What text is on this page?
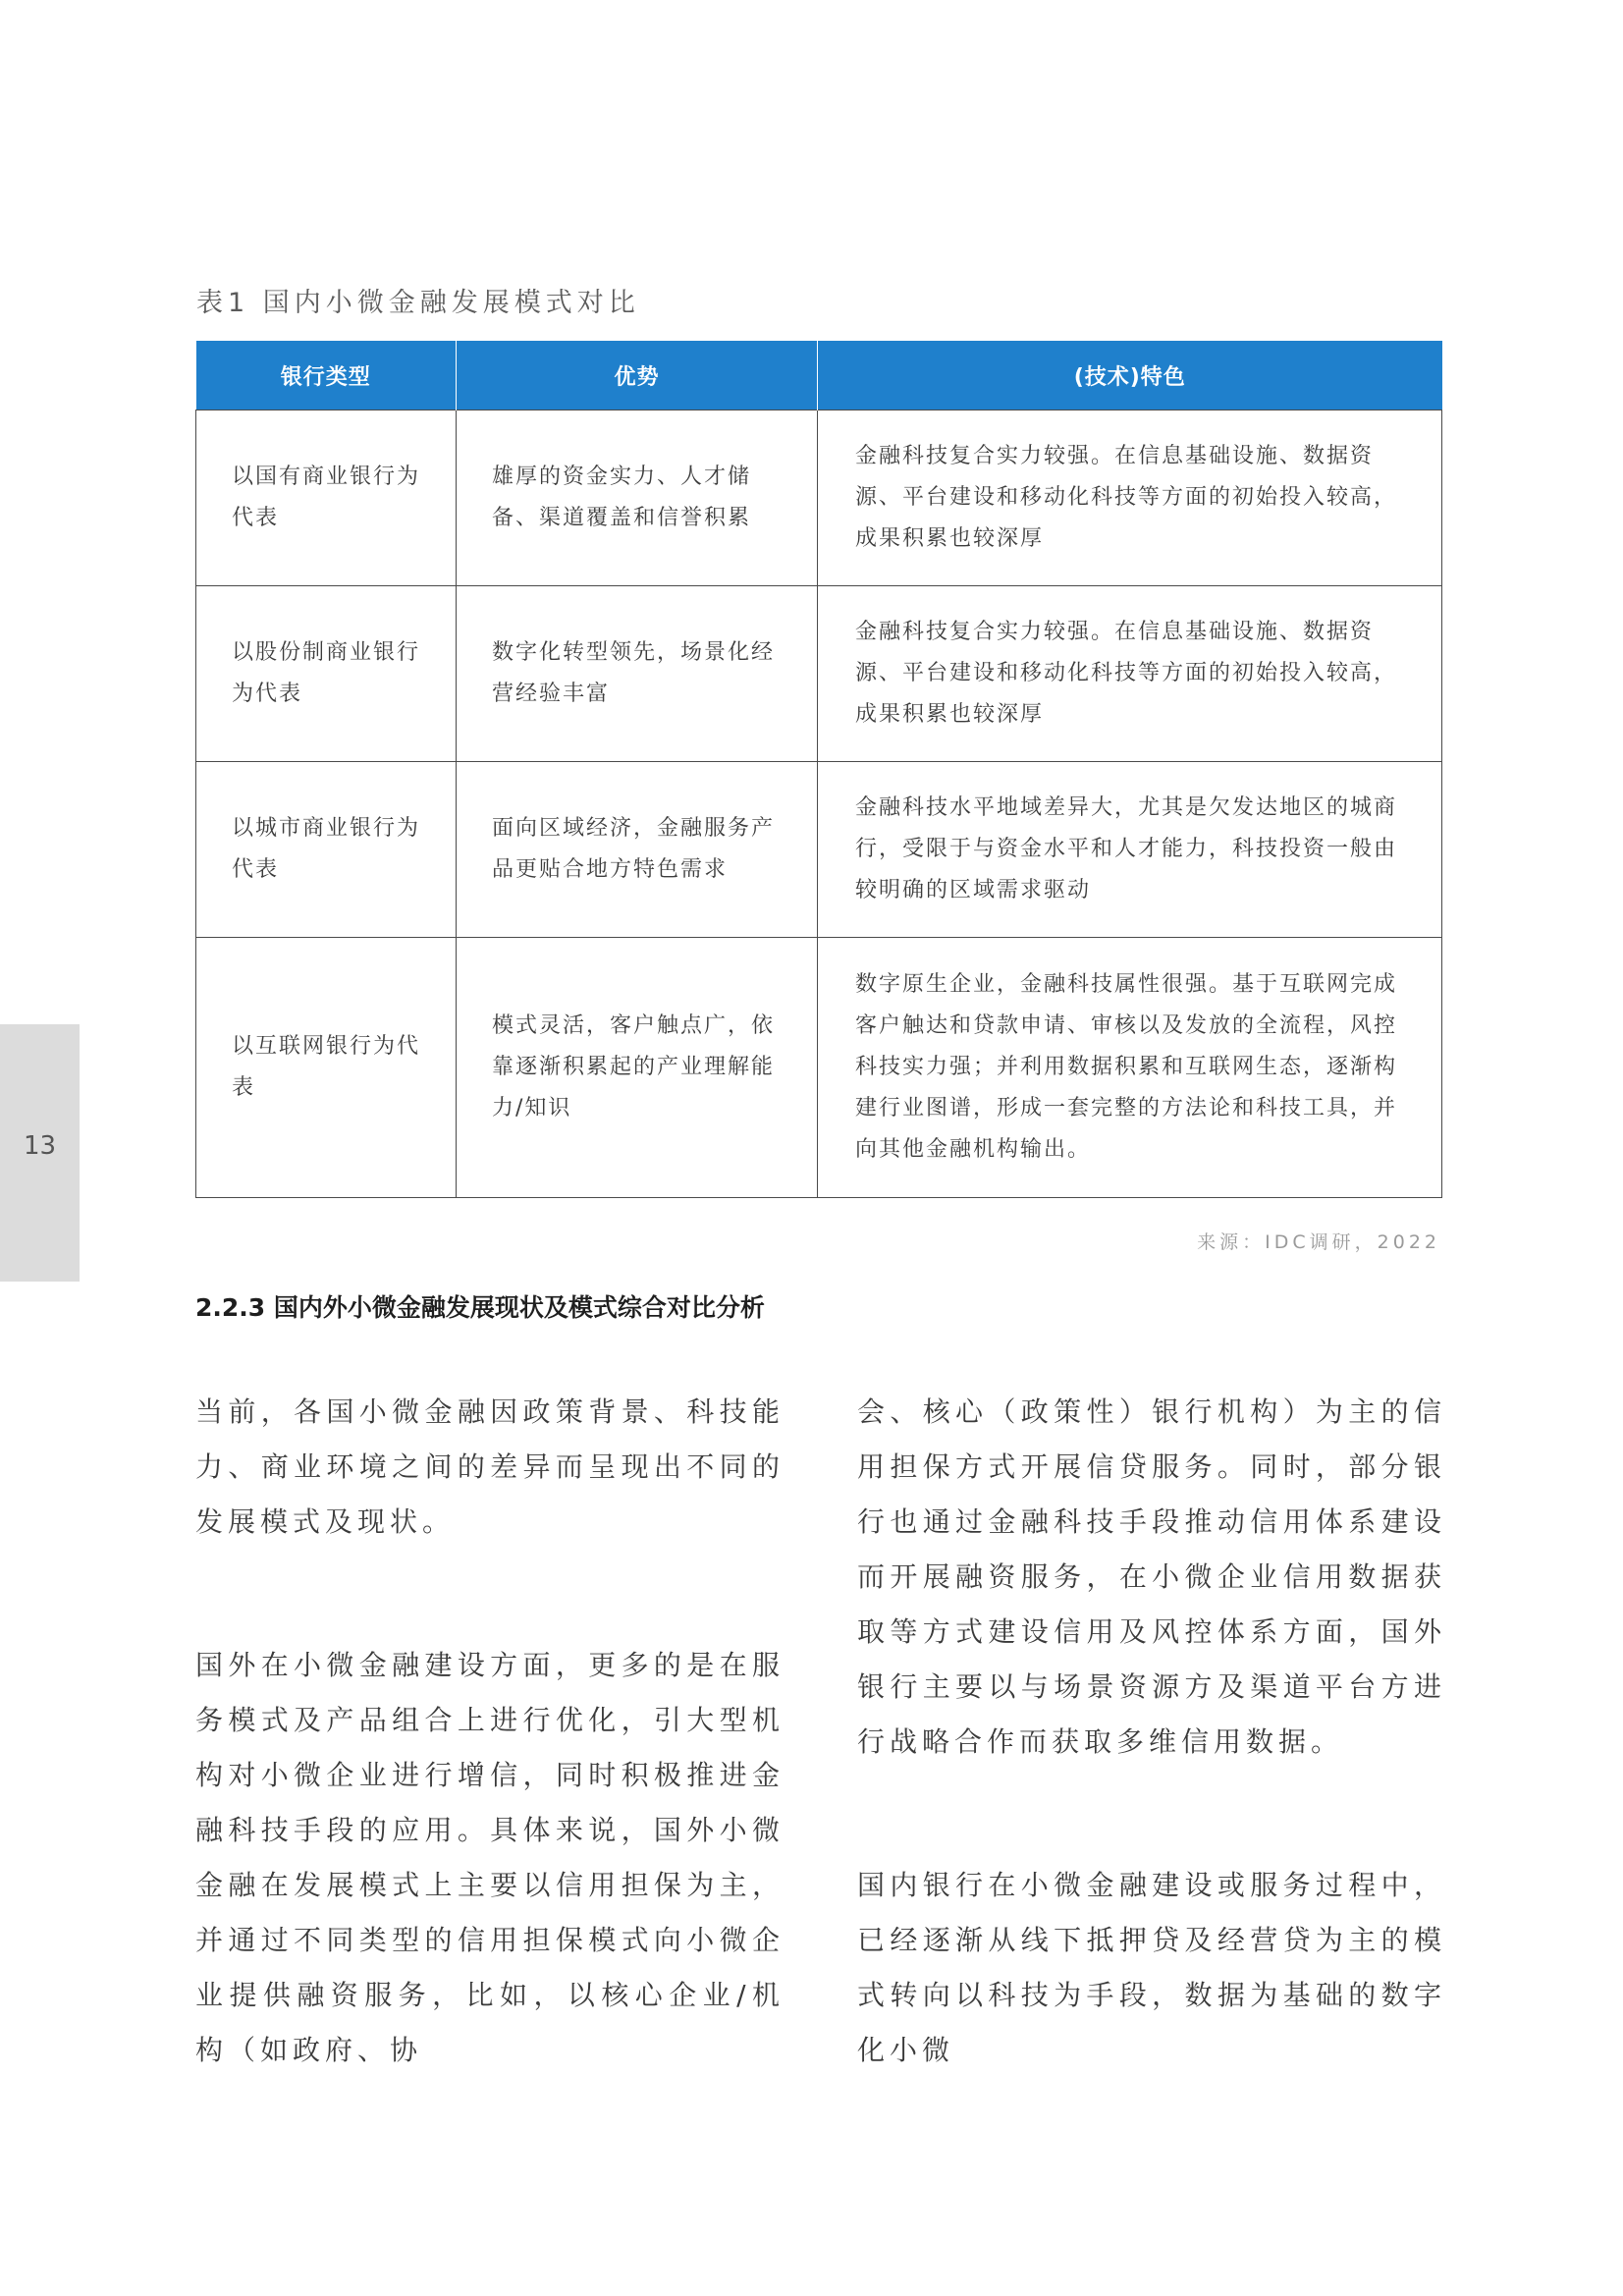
表1 国内小微金融发展模式对比
银行类型	优势	(技术)特色
以国有商业银行为代表	雄厚的资金实力、人才储备、渠道覆盖和信誉积累	金融科技复合实力较强。在信息基础设施、数据资源、平台建设和移动化科技等方面的初始投入较高，成果积累也较深厚
以股份制商业银行为代表	数字化转型领先，场景化经营经验丰富	金融科技复合实力较强。在信息基础设施、数据资源、平台建设和移动化科技等方面的初始投入较高，成果积累也较深厚
以城市商业银行为代表	面向区域经济，金融服务产品更贴合地方特色需求	金融科技水平地域差异大，尤其是欠发达地区的城商行，受限于与资金水平和人才能力，科技投资一般由较明确的区域需求驱动
以互联网银行为代表	模式灵活，客户触点广，依靠逐渐积累起的产业理解能力/知识	数字原生企业，金融科技属性很强。基于互联网完成客户触达和贷款申请、审核以及发放的全流程，风控科技实力强；并利用数据积累和互联网生态，逐渐构建行业图谱，形成一套完整的方法论和科技工具，并向其他金融机构输出。
来源：IDC调研，2022
13
2.2.3 国内外小微金融发展现状及模式综合对比分析

当前，各国小微金融因政策背景、科技能力、商业环境之间的差异而呈现出不同的发展模式及现状。

国外在小微金融建设方面，更多的是在服务模式及产品组合上进行优化，引大型机构对小微企业进行增信，同时积极推进金融科技手段的应用。具体来说，国外小微金融在发展模式上主要以信用担保为主，并通过不同类型的信用担保模式向小微企业提供融资服务，比如，以核心企业/机构（如政府、协

会、核心（政策性）银行机构）为主的信用担保方式开展信贷服务。同时，部分银行也通过金融科技手段推动信用体系建设而开展融资服务，在小微企业信用数据获取等方式建设信用及风控体系方面，国外银行主要以与场景资源方及渠道平台方进行战略合作而获取多维信用数据。

国内银行在小微金融建设或服务过程中，已经逐渐从线下抵押贷及经营贷为主的模式转向以科技为手段，数据为基础的数字化小微
